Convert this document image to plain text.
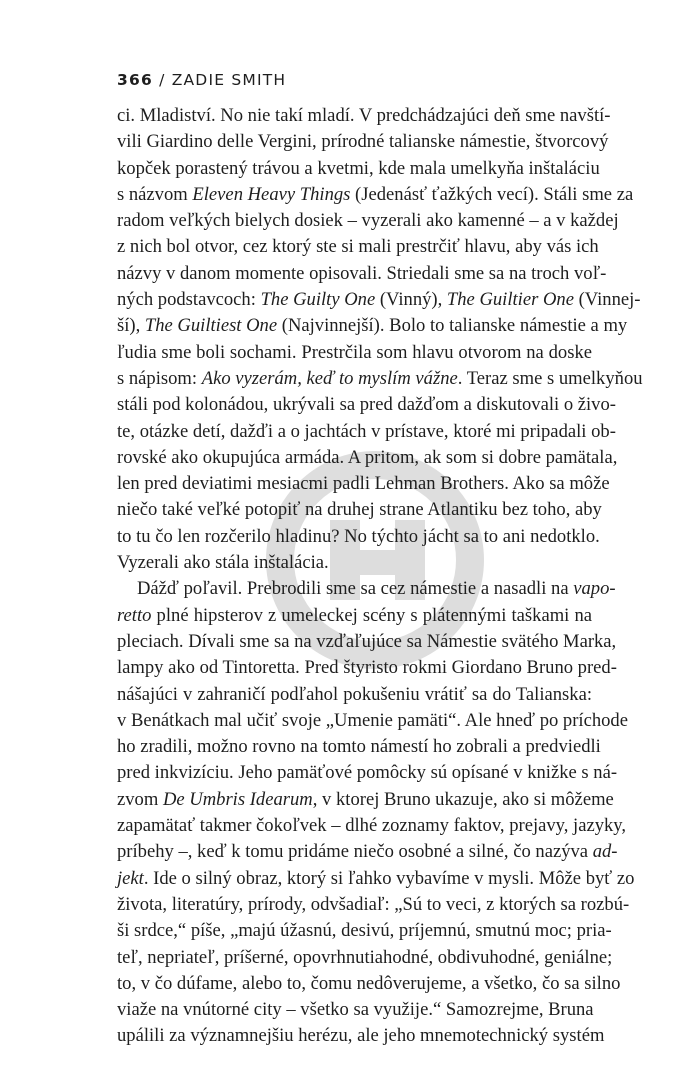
366 / ZADIE SMITH
ci. Mladiství. No nie takí mladí. V predchádzajúci deň sme navští-
vili Giardino delle Vergini, prírodné talianske námestie, štvorcový
kopček porastený trávou a kvetmi, kde mala umelkyňa inštaláciu
s názvom Eleven Heavy Things (Jedenásť ťažkých vecí). Stáli sme za
radom veľkých bielych dosiek – vyzerali ako kamenné – a v každej
z nich bol otvor, cez ktorý ste si mali prestrčiť hlavu, aby vás ich
názvy v danom momente opisovali. Striedali sme sa na troch voľ-
ných podstavcoch: The Guilty One (Vinný), The Guiltier One (Vinnej-
ší), The Guiltiest One (Najvinnejší). Bolo to talianske námestie a my
ľudia sme boli sochami. Prestrčila som hlavu otvorom na doske
s nápisom: Ako vyzerám, keď to myslím vážne. Teraz sme s umelkyňou
stáli pod kolonádou, ukrývali sa pred dažďom a diskutovali o živo-
te, otázke detí, dažďi a o jachtách v prístave, ktoré mi pripadali ob-
rovské ako okupujúca armáda. A pritom, ak som si dobre pamätala,
len pred deviatimi mesiacmi padli Lehman Brothers. Ako sa môže
niečo také veľké potopiť na druhej strane Atlantiku bez toho, aby
to tu čo len rozčerilo hladinu? No týchto jácht sa to ani nedotklo.
Vyzerali ako stála inštalácia.
Dážď poľavil. Prebrodili sme sa cez námestie a nasadli na vapo-
retto plné hipsterov z umeleckej scény s plátennými taškami na
pleciach. Dívali sme sa na vzďaľujúce sa Námestie svätého Marka,
lampy ako od Tintoretta. Pred štyristo rokmi Giordano Bruno pred-
nášajúci v zahraničí podľahol pokušeniu vrátiť sa do Talianska:
v Benátkach mal učiť svoje „Umenie pamäti“. Ale hneď po príchode
ho zradili, možno rovno na tomto námestí ho zobrali a predviedli
pred inkvizíciu. Jeho pamäťové pomôcky sú opísané v knižke s ná-
zvom De Umbris Idearum, v ktorej Bruno ukazuje, ako si môžeme
zapamätať takmer čokoľvek – dlhé zoznamy faktov, prejavy, jazyky,
príbehy –, keď k tomu pridáme niečo osobné a silné, čo nazýva ad-
jekt. Ide o silný obraz, ktorý si ľahko vybavíme v mysli. Môže byť zo
života, literatúry, prírody, odvšadiaľ: „Sú to veci, z ktorých sa rozbú-
ši srdce,“ píše, „majú úžasnú, desivú, príjemnú, smutnú moc; pria-
teľ, nepriateľ, príšerné, opovrhnutiahodné, obdivuhodné, geniálne;
to, v čo dúfame, alebo to, čomu nedôverujeme, a všetko, čo sa silno
viaže na vnútorné city – všetko sa využije.“ Samozrejme, Bruna
upálili za významnejšiu herézu, ale jeho mnemotechnický systém
